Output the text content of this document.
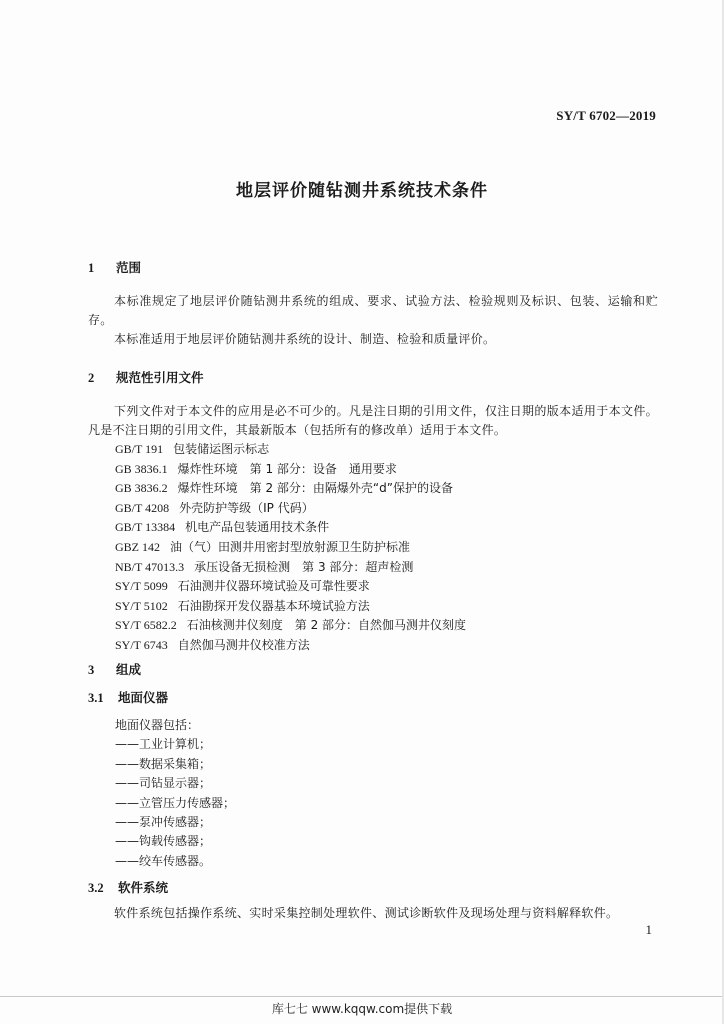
SY/T 6702—2019
地层评价随钻测井系统技术条件
1 范围
本标准规定了地层评价随钻测井系统的组成、要求、试验方法、检验规则及标识、包装、运输和贮存。
本标准适用于地层评价随钻测井系统的设计、制造、检验和质量评价。
2 规范性引用文件
下列文件对于本文件的应用是必不可少的。凡是注日期的引用文件，仅注日期的版本适用于本文件。凡是不注日期的引用文件，其最新版本（包括所有的修改单）适用于本文件。
GB/T 191 包装储运图示标志
GB 3836.1 爆炸性环境　第 1 部分：设备　通用要求
GB 3836.2 爆炸性环境　第 2 部分：由隔爆外壳“d”保护的设备
GB/T 4208 外壳防护等级（IP 代码）
GB/T 13384 机电产品包装通用技术条件
GBZ 142 油（气）田测井用密封型放射源卫生防护标准
NB/T 47013.3 承压设备无损检测　第 3 部分：超声检测
SY/T 5099 石油测井仪器环境试验及可靠性要求
SY/T 5102 石油勘探开发仪器基本环境试验方法
SY/T 6582.2 石油核测井仪刻度　第 2 部分：自然伽马测井仪刻度
SY/T 6743 自然伽马测井仪校准方法
3 组成
3.1 地面仪器
地面仪器包括：
——工业计算机；
——数据采集箱；
——司钻显示器；
——立管压力传感器；
——泵冲传感器；
——钩载传感器；
——绞车传感器。
3.2 软件系统
软件系统包括操作系统、实时采集控制处理软件、测试诊断软件及现场处理与资料解释软件。
1
库七七 www.kqqw.com提供下载
